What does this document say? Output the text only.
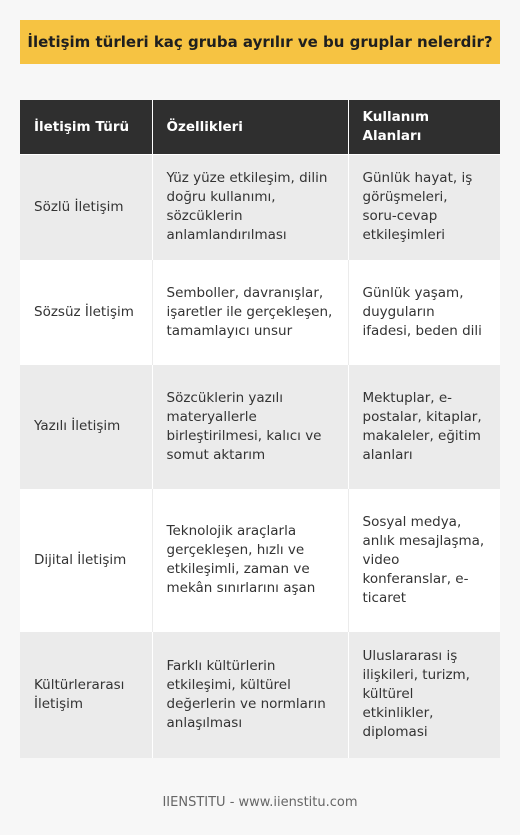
İletişim türleri kaç gruba ayrılır ve bu gruplar nelerdir?
İletişim Türü	Özellikleri	Kullanım Alanları
Sözlü İletişim	Yüz yüze etkileşim, dilin doğru kullanımı, sözcüklerin anlamlandırılması	Günlük hayat, iş görüşmeleri, soru-cevap etkileşimleri
Sözsüz İletişim	Semboller, davranışlar, işaretler ile gerçekleşen, tamamlayıcı unsur	Günlük yaşam, duyguların ifadesi, beden dili
Yazılı İletişim	Sözcüklerin yazılı materyallerle birleştirilmesi, kalıcı ve somut aktarım	Mektuplar, e-postalar, kitaplar, makaleler, eğitim alanları
Dijital İletişim	Teknolojik araçlarla gerçekleşen, hızlı ve etkileşimli, zaman ve mekân sınırlarını aşan	Sosyal medya, anlık mesajlaşma, video konferanslar, e-ticaret
Kültürlerarası İletişim	Farklı kültürlerin etkileşimi, kültürel değerlerin ve normların anlaşılması	Uluslararası iş ilişkileri, turizm, kültürel etkinlikler, diplomasi
IIENSTITU - www.iienstitu.com
